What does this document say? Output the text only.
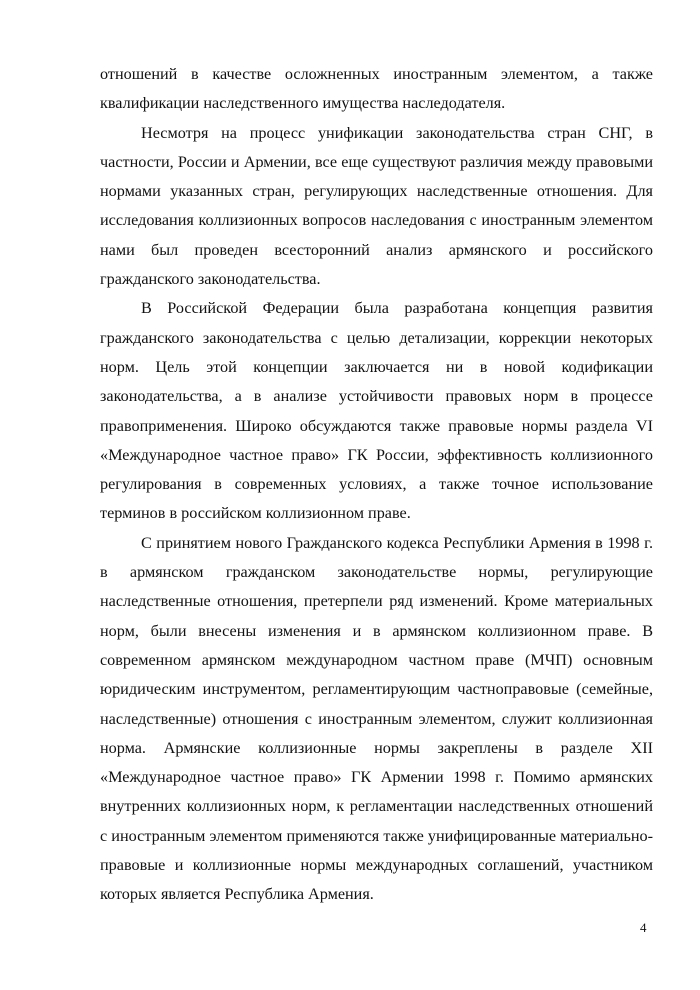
отношений в качестве осложненных иностранным элементом, а также квалификации наследственного имущества наследодателя.

Несмотря на процесс унификации законодательства стран СНГ, в частности, России и Армении, все еще существуют различия между правовыми нормами указанных стран, регулирующих наследственные отношения. Для исследования коллизионных вопросов наследования с иностранным элементом нами был проведен всесторонний анализ армянского и российского гражданского законодательства.

В Российской Федерации была разработана концепция развития гражданского законодательства с целью детализации, коррекции некоторых норм. Цель этой концепции заключается ни в новой кодификации законодательства, а в анализе устойчивости правовых норм в процессе правоприменения. Широко обсуждаются также правовые нормы раздела VI «Международное частное право» ГК России, эффективность коллизионного регулирования в современных условиях, а также точное использование терминов в российском коллизионном праве.

С принятием нового Гражданского кодекса Республики Армения в 1998 г. в армянском гражданском законодательстве нормы, регулирующие наследственные отношения, претерпели ряд изменений. Кроме материальных норм, были внесены изменения и в армянском коллизионном праве. В современном армянском международном частном праве (МЧП) основным юридическим инструментом, регламентирующим частноправовые (семейные, наследственные) отношения с иностранным элементом, служит коллизионная норма. Армянские коллизионные нормы закреплены в разделе XII «Международное частное право» ГК Армении 1998 г. Помимо армянских внутренних коллизионных норм, к регламентации наследственных отношений с иностранным элементом применяются также унифицированные материально-правовые и коллизионные нормы международных соглашений, участником которых является Республика Армения.

4
